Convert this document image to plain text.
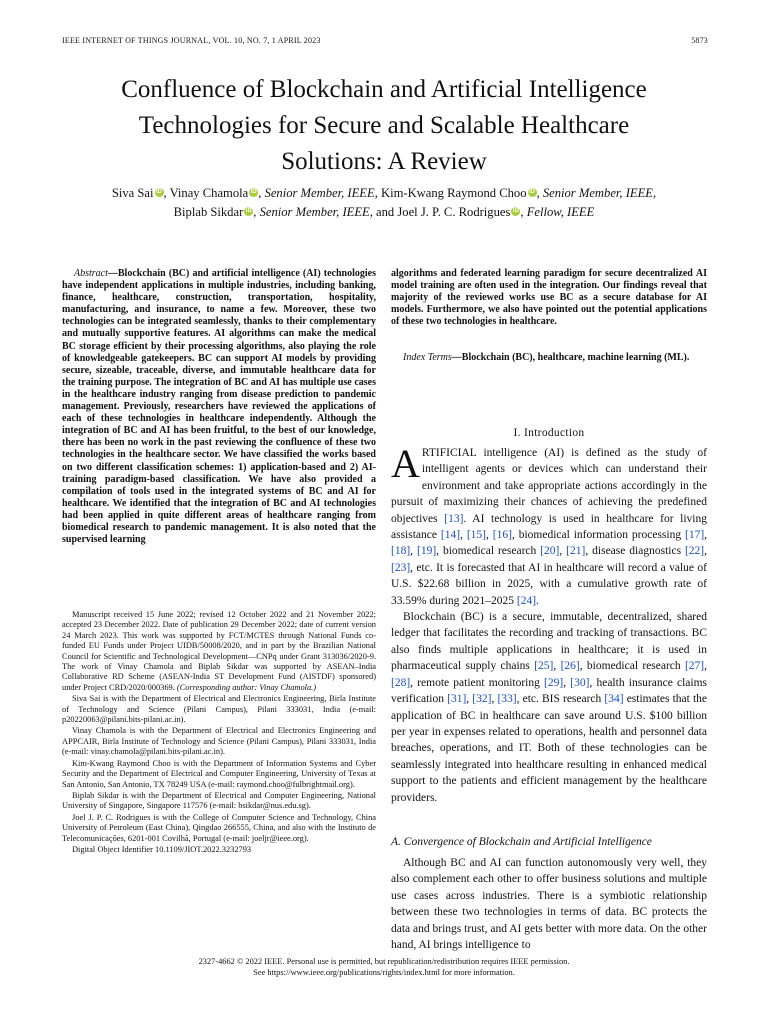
IEEE INTERNET OF THINGS JOURNAL, VOL. 10, NO. 7, 1 APRIL 2023	5873
Confluence of Blockchain and Artificial Intelligence
Technologies for Secure and Scalable Healthcare
Solutions: A Review
Siva Sai iD , Vinay Chamola iD , Senior Member, IEEE, Kim-Kwang Raymond Choo iD , Senior Member, IEEE,
Biplab Sikdar iD , Senior Member, IEEE, and Joel J. P. C. Rodrigues iD , Fellow, IEEE

Abstract—Blockchain (BC) and artificial intelligence (AI) technologies have independent applications in multiple industries, including banking, finance, healthcare, construction, transportation, hospitality, manufacturing, and insurance, to name a few. Moreover, these two technologies can be integrated seamlessly, thanks to their complementary and mutually supportive features. AI algorithms can make the medical BC storage efficient by their processing algorithms, also playing the role of knowledgeable gatekeepers. BC can support AI models by providing secure, sizeable, traceable, diverse, and immutable healthcare data for the training purpose. The integration of BC and AI has multiple use cases in the healthcare industry ranging from disease prediction to pandemic management. Previously, researchers have reviewed the applications of each of these technologies in healthcare independently. Although the integration of BC and AI has been fruitful, to the best of our knowledge, there has been no work in the past reviewing the confluence of these two technologies in the healthcare sector. We have classified the works based on two different classification schemes: 1) application-based and 2) AI-training paradigm-based classification. We have also provided a compilation of tools used in the integrated systems of BC and AI for healthcare. We identified that the integration of BC and AI technologies had been applied in quite different areas of healthcare ranging from biomedical research to pandemic management. It is also noted that the supervised learning

algorithms and federated learning paradigm for secure decentralized AI model training are often used in the integration. Our findings reveal that majority of the reviewed works use BC as a secure database for AI models. Furthermore, we also have pointed out the potential applications of these two technologies in healthcare.

Index Terms—Blockchain (BC), healthcare, machine learning (ML).

I. Introduction

ARTIFICIAL intelligence (AI) is defined as the study of intelligent agents or devices which can understand their environment and take appropriate actions accordingly in the pursuit of maximizing their chances of achieving the predefined objectives [13]. AI technology is used in healthcare for living assistance [14], [15], [16], biomedical information processing [17], [18], [19], biomedical research [20], [21], disease diagnostics [22], [23], etc. It is forecasted that AI in healthcare will record a value of U.S. $22.68 billion in 2025, with a cumulative growth rate of 33.59% during 2021–2025 [24].

Blockchain (BC) is a secure, immutable, decentralized, shared ledger that facilitates the recording and tracking of transactions. BC also finds multiple applications in healthcare; it is used in pharmaceutical supply chains [25], [26], biomedical research [27], [28], remote patient monitoring [29], [30], health insurance claims verification [31], [32], [33], etc. BIS research [34] estimates that the application of BC in healthcare can save around U.S. $100 billion per year in expenses related to operations, health and personnel data breaches, operations, and IT. Both of these technologies can be seamlessly integrated into healthcare resulting in enhanced medical support to the patients and efficient management by the healthcare providers.

A. Convergence of Blockchain and Artificial Intelligence

Although BC and AI can function autonomously very well, they also complement each other to offer business solutions and multiple use cases across industries. There is a symbiotic relationship between these two technologies in terms of data. BC protects the data and brings trust, and AI gets better with more data. On the other hand, AI brings intelligence to

Manuscript received 15 June 2022; revised 12 October 2022 and 21 November 2022; accepted 23 December 2022. Date of publication 29 December 2022; date of current version 24 March 2023. This work was supported by FCT/MCTES through National Funds co-funded EU Funds under Project UIDB/50008/2020, and in part by the Brazilian National Council for Scientific and Technological Development—CNPq under Grant 313036/2020-9. The work of Vinay Chamola and Biplab Sikdar was supported by ASEAN–India Collaborative RD Scheme (ASEAN-India ST Development Fund (AISTDF) sponsored) under Project CRD/2020/000369. (Corresponding author: Vinay Chamola.)

Siva Sai is with the Department of Electrical and Electronics Engineering, Birla Institute of Technology and Science (Pilani Campus), Pilani 333031, India (e-mail: p20220063@pilani.bits-pilani.ac.in).

Vinay Chamola is with the Department of Electrical and Electronics Engineering and APPCAIR, Birla Institute of Technology and Science (Pilani Campus), Pilani 333031, India (e-mail: vinay.chamola@pilani.bits-pilani.ac.in).

Kim-Kwang Raymond Choo is with the Department of Information Systems and Cyber Security and the Department of Electrical and Computer Engineering, University of Texas at San Antonio, San Antonio, TX 78249 USA (e-mail: raymond.choo@fulbrightmail.org).

Biplab Sikdar is with the Department of Electrical and Computer Engineering, National University of Singapore, Singapore 117576 (e-mail: bsikdar@nus.edu.sg).

Joel J. P. C. Rodrigues is with the College of Computer Science and Technology, China University of Petroleum (East China), Qingdao 266555, China, and also with the Instituto de Telecomunicações, 6201-001 Covilhã, Portugal (e-mail: joeljr@ieee.org).

Digital Object Identifier 10.1109/JIOT.2022.3232793

2327-4662 © 2022 IEEE. Personal use is permitted, but republication/redistribution requires IEEE permission.
See https://www.ieee.org/publications/rights/index.html for more information.
